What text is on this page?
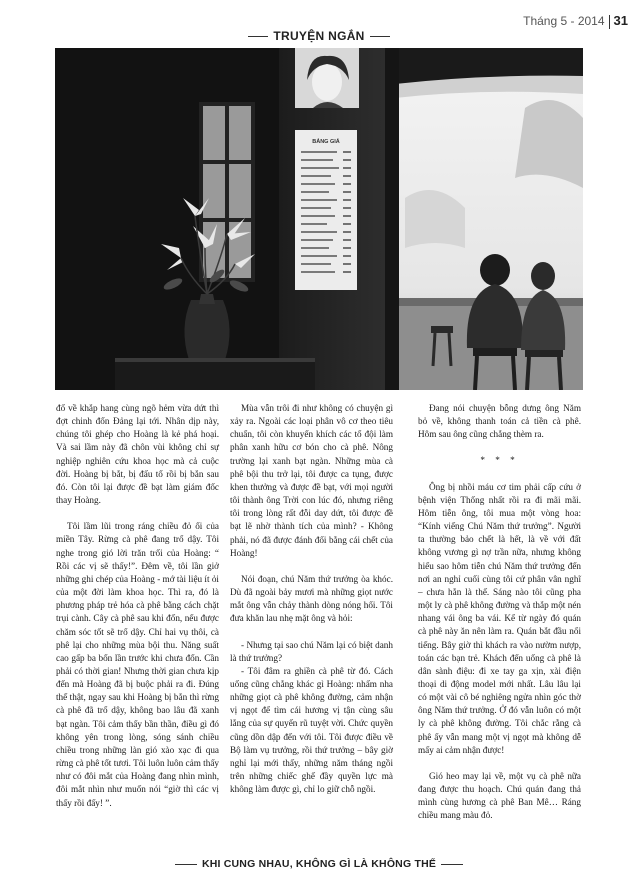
TRUYỆN NGẮN
Tháng 5 - 2014 31
BẢNG GIÁ

đổ về khắp hang cùng ngõ hẻm vừa dứt thì đợt chinh đốn Đảng lại tới. Nhân dịp này, chúng tôi ghép cho Hoàng là kẻ phá hoại. Và sai lầm này đã chôn vùi không chỉ sự nghiệp nghiên cứu khoa học mà cả cuộc đời. Hoàng bị bắt, bị đấu tố rồi bị bắn sau đó. Còn tôi lại được đề bạt làm giám đốc thay Hoàng.

Tôi lầm lũi trong ráng chiều đỏ ối của miền Tây. Rừng cà phê đang trổ dậy. Tôi nghe trong gió lời trăn trối của Hoàng: “ Rồi các vị sẽ thấy!”. Đêm về, tôi lần giở những ghi chép của Hoàng - mớ tài liệu ít ỏi của một đời làm khoa học. Thì ra, đó là phương pháp trẻ hóa cà phê bằng cách chặt trụi cành. Cây cà phê sau khi đốn, nếu được chăm sóc tốt sẽ trổ dậy. Chỉ hai vụ thôi, cà phê lại cho những mùa bội thu. Năng suất cao gấp ba bốn lần trước khi chưa đốn. Cần phải có thời gian! Nhưng thời gian chưa kịp đến mà Hoàng đã bị buộc phải ra đi. Đúng thế thật, ngay sau khi Hoàng bị bắn thì rừng cà phê đã trổ dậy, không bao lâu đã xanh bạt ngàn. Tôi cảm thấy bần thần, điều gì đó không yên trong lòng, sóng sánh chiều chiều trong những làn gió xào xạc đi qua rừng cà phê tốt tươi. Tôi luôn luôn cảm thấy như có đôi mắt của Hoàng đang nhìn mình, đôi mắt nhìn như muốn nói “giờ thì các vị thấy rồi đấy! ”.

Mùa vẫn trôi đi như không có chuyện gì xảy ra. Ngoài các loại phân vô cơ theo tiêu chuẩn, tôi còn khuyến khích các tổ đội làm phân xanh hữu cơ bón cho cà phê. Nông trường lại xanh bạt ngàn. Những mùa cà phê bội thu trở lại, tôi được ca tụng, được khen thưởng và được đề bạt, với mọi người tôi thành ông Trời con lúc đó, nhưng riêng tôi trong lòng rất đỗi day dứt, tôi được đề bạt lẽ nhờ thành tích của mình? - Không phải, nó đã được đánh đổi bằng cái chết của Hoàng!

Nói đoạn, chú Năm thứ trưởng òa khóc. Dù đã ngoài bảy mươi mà những giọt nước mắt ông vẫn chảy thành dòng nóng hổi. Tôi đưa khăn lau nhẹ mặt ông và hỏi:

- Nhưng tại sao chú Năm lại có biệt danh là thứ trưởng?

- Tôi đâm ra ghiền cà phê từ đó. Cách uống cũng chẳng khác gì Hoàng: nhấm nha những giọt cà phê không đường, cảm nhận vị ngọt để tìm cái hương vị tận cùng sâu lắng của sự quyến rũ tuyệt vời. Chức quyền cũng dồn dập đến với tôi. Tôi được điều về Bộ làm vụ trưởng, rồi thứ trưởng – bây giờ nghỉ lại mới thấy, những năm tháng ngồi trên những chiếc ghế đầy quyền lực mà không làm được gì, chỉ lo giữ chỗ ngồi.

Đang nói chuyện bỗng dưng ông Năm bỏ về, không thanh toán cả tiền cà phê. Hôm sau ông cũng chẳng thèm ra.

* * *

Ông bị nhồi máu cơ tim phải cấp cứu ở bệnh viện Thống nhất rồi ra đi mãi mãi. Hôm tiễn ông, tôi mua một vòng hoa: “Kính viếng Chú Năm thứ trưởng”. Người ta thường bảo chết là hết, là về với đất không vương gì nợ trần nữa, nhưng không hiểu sao hôm tiễn chú Năm thứ trưởng đến nơi an nghỉ cuối cùng tôi cứ phân vân nghĩ – chưa hẳn là thế. Sáng nào tôi cũng pha một ly cà phê không đường và thắp một nén nhang vái ông ba vái. Kể từ ngày đó quán cà phê này ăn nên làm ra. Quán bắt đầu nổi tiếng. Bây giờ thì khách ra vào nườm nượp, toán các bạn trẻ. Khách đến uống cà phê là dân sành điệu: đi xe tay ga xịn, xài điện thoại di động model mới nhất. Lâu lâu lại có một vài cô bé nghiêng ngửa nhìn góc thờ ông Năm thứ trưởng. Ở đó vẫn luôn có một ly cà phê không đường. Tôi chắc rằng cà phê ấy vẫn mang một vị ngọt mà không dễ mấy ai cảm nhận được!

Gió heo may lại về, một vụ cà phê nữa đang được thu hoạch. Chú quán đang thả mình cùng hương cà phê Ban Mê… Ráng chiều mang màu đỏ.

KHI CUNG NHAU, KHÔNG GÌ LÀ KHÔNG THỂ
